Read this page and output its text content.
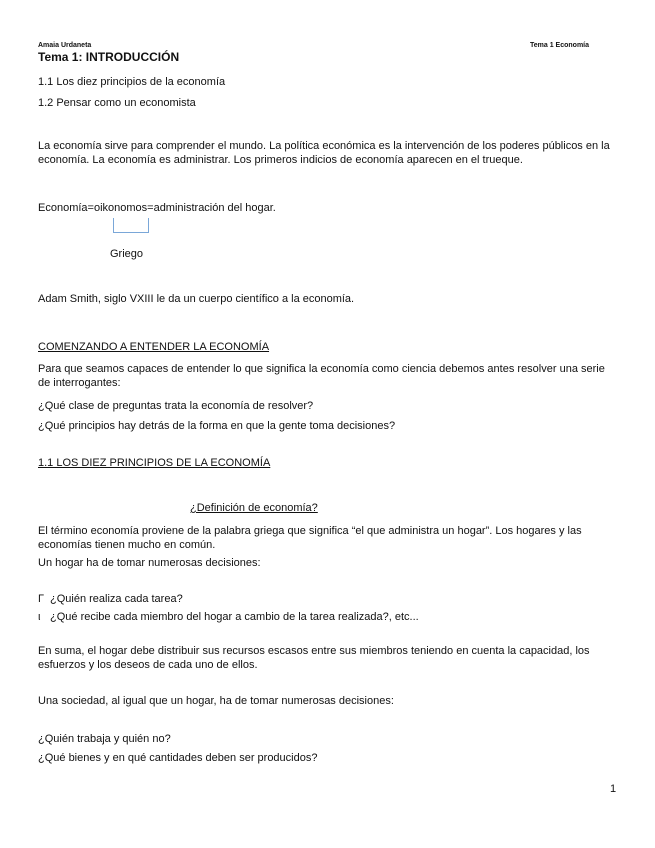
Amaia Urdaneta	Tema 1 Economía
Tema 1: INTRODUCCIÓN
1.1 Los diez principios de la economía
1.2 Pensar como un economista
La economía sirve para comprender el mundo. La política económica es la intervención de los poderes públicos en la economía. La economía es administrar. Los primeros indicios de economía aparecen en el trueque.
Economía=oikonomos=administración del hogar.
Griego
Adam Smith, siglo VXIII le da un cuerpo científico a la economía.
COMENZANDO A ENTENDER LA ECONOMÍA
Para que seamos capaces de entender lo que significa la economía como ciencia debemos antes resolver una serie de interrogantes:
¿Qué clase de preguntas trata la economía de resolver?
¿Qué principios hay detrás de la forma en que la gente toma decisiones?
1.1 LOS DIEZ PRINCIPIOS DE LA ECONOMÍA
¿Definición de economía?
El término economía proviene de la palabra griega que significa “el que administra un hogar”. Los hogares y las economías tienen mucho en común.
Un hogar ha de tomar numerosas decisiones:
Γ ¿Quién realiza cada tarea?
ι ¿Qué recibe cada miembro del hogar a cambio de la tarea realizada?, etc...
En suma, el hogar debe distribuir sus recursos escasos entre sus miembros teniendo en cuenta la capacidad, los esfuerzos y los deseos de cada uno de ellos.
Una sociedad, al igual que un hogar, ha de tomar numerosas decisiones:
¿Quién trabaja y quién no?
¿Qué bienes y en qué cantidades deben ser producidos?
1
